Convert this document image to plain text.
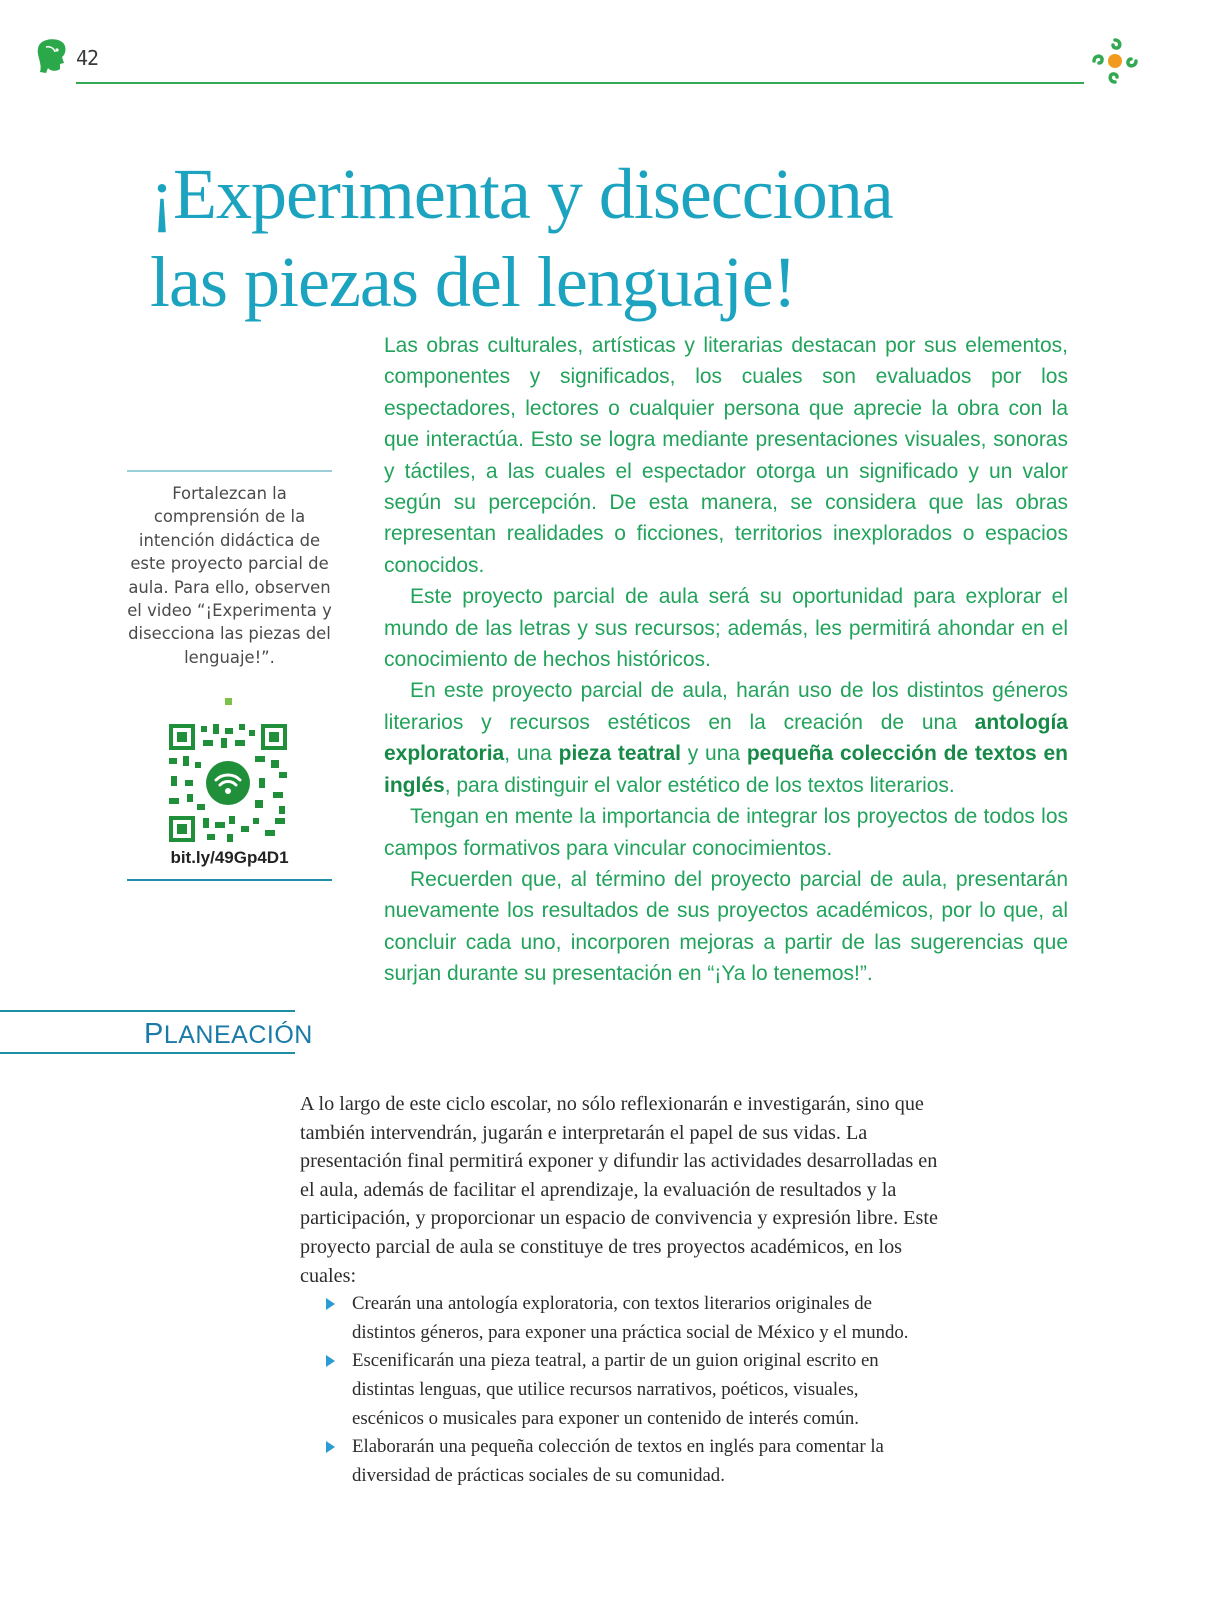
42
¡Experimenta y disecciona
las piezas del lenguaje!

Las obras culturales, artísticas y literarias destacan por sus elementos, componentes y significados, los cuales son evaluados por los espectadores, lectores o cualquier persona que aprecie la obra con la que interactúa. Esto se logra mediante presentaciones visuales, sonoras y táctiles, a las cuales el espectador otorga un significado y un valor según su percepción. De esta manera, se considera que las obras representan realidades o ficciones, territorios inexplorados o espacios conocidos.

Este proyecto parcial de aula será su oportunidad para explorar el mundo de las letras y sus recursos; además, les permitirá ahondar en el conocimiento de hechos históricos.

En este proyecto parcial de aula, harán uso de los distintos géneros literarios y recursos estéticos en la creación de una antología exploratoria, una pieza teatral y una pequeña colección de textos en inglés, para distinguir el valor estético de los textos literarios.

Tengan en mente la importancia de integrar los proyectos de todos los campos formativos para vincular conocimientos.

Recuerden que, al término del proyecto parcial de aula, presentarán nuevamente los resultados de sus proyectos académicos, por lo que, al concluir cada uno, incorporen mejoras a partir de las sugerencias que surjan durante su presentación en “¡Ya lo tenemos!”.

Fortalezcan la comprensión de la intención didáctica de este proyecto parcial de aula. Para ello, observen el video “¡Experimenta y disecciona las piezas del lenguaje!”.
bit.ly/49Gp4D1
PLANEACIÓN

A lo largo de este ciclo escolar, no sólo reflexionarán e investigarán, sino que también intervendrán, jugarán e interpretarán el papel de sus vidas. La presentación final permitirá exponer y difundir las actividades desarrolladas en el aula, además de facilitar el aprendizaje, la evaluación de resultados y la participación, y proporcionar un espacio de convivencia y expresión libre. Este proyecto parcial de aula se constituye de tres proyectos académicos, en los cuales:

Crearán una antología exploratoria, con textos literarios originales de distintos géneros, para exponer una práctica social de México y el mundo.
Escenificarán una pieza teatral, a partir de un guion original escrito en distintas lenguas, que utilice recursos narrativos, poéticos, visuales, escénicos o musicales para exponer un contenido de interés común.
Elaborarán una pequeña colección de textos en inglés para comentar la diversidad de prácticas sociales de su comunidad.
